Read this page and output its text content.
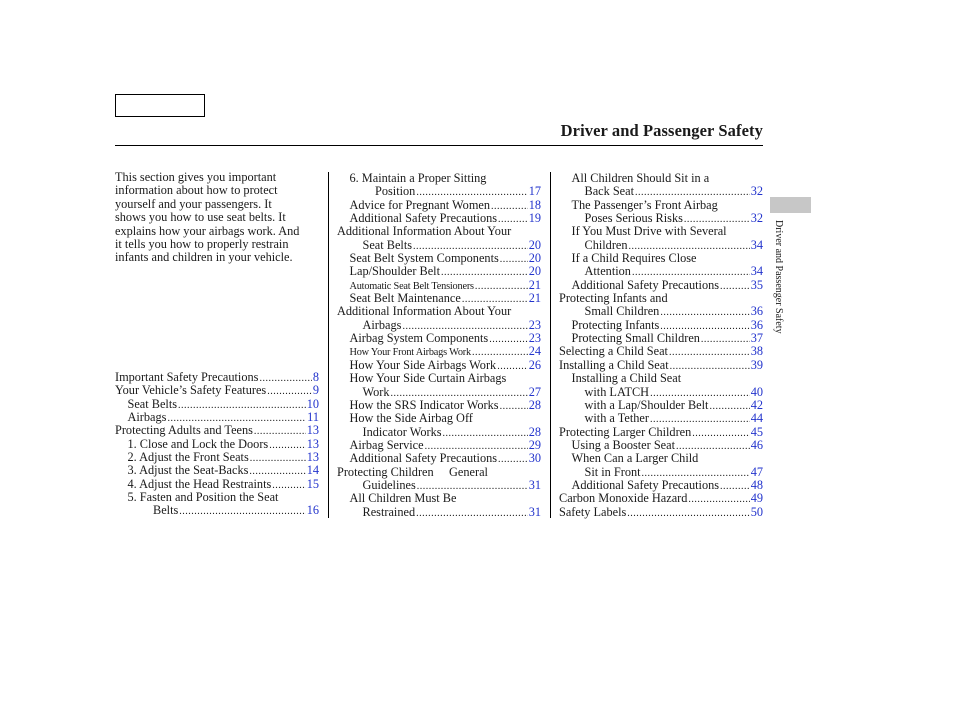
Driver and Passenger Safety
Driver and Passenger Safety
This section gives you important
information about how to protect
yourself and your passengers. It
shows you how to use seat belts. It
explains how your airbags work. And
it tells you how to properly restrain
infants and children in your vehicle.
Important Safety Precautions .....	8
Your Vehicle’s Safety Features .....	9
Seat Belts .....	10
Airbags .....	11
Protecting Adults and Teens .....	13
1. Close and Lock the Doors .....	13
2. Adjust the Front Seats .....	13
3. Adjust the Seat-Backs .....	14
4. Adjust the Head Restraints .....	15
5. Fasten and Position the Seat
Belts .....	16
6. Maintain a Proper Sitting
Position .....	17
Advice for Pregnant Women .....	18
Additional Safety Precautions .....	19
Additional Information About Your
Seat Belts .....	20
Seat Belt System Components ..... 20
Lap/Shoulder Belt .....	20
Automatic Seat Belt Tensioners .....	21
Seat Belt Maintenance .....	21
Additional Information About Your
Airbags .....	23
Airbag System Components .....	23
How Your Front Airbags Work .....	24
How Your Side Airbags Work .....	26
How Your Side Curtain Airbags
Work .....	27
How the SRS Indicator Works ..... 28
How the Side Airbag Off
Indicator Works .....	28
Airbag Service .....	29
Additional Safety Precautions .....	30
Protecting Children     General
Guidelines .....	31
All Children Must Be
Restrained .....	31
All Children Should Sit in a
Back Seat .....	32
The Passenger’s Front Airbag
Poses Serious Risks .....	32
If You Must Drive with Several
Children .....	34
If a Child Requires Close
Attention .....	34
Additional Safety Precautions .....	35
Protecting Infants and
Small Children .....	36
Protecting Infants .....	36
Protecting Small Children .....	37
Selecting a Child Seat .....	38
Installing a Child Seat .....	39
Installing a Child Seat
with LATCH .....	40
with a Lap/Shoulder Belt .....	42
with a Tether .....	44
Protecting Larger Children .....	45
Using a Booster Seat .....	46
When Can a Larger Child
Sit in Front .....	47
Additional Safety Precautions .....	48
Carbon Monoxide Hazard .....	49
Safety Labels .....	50
